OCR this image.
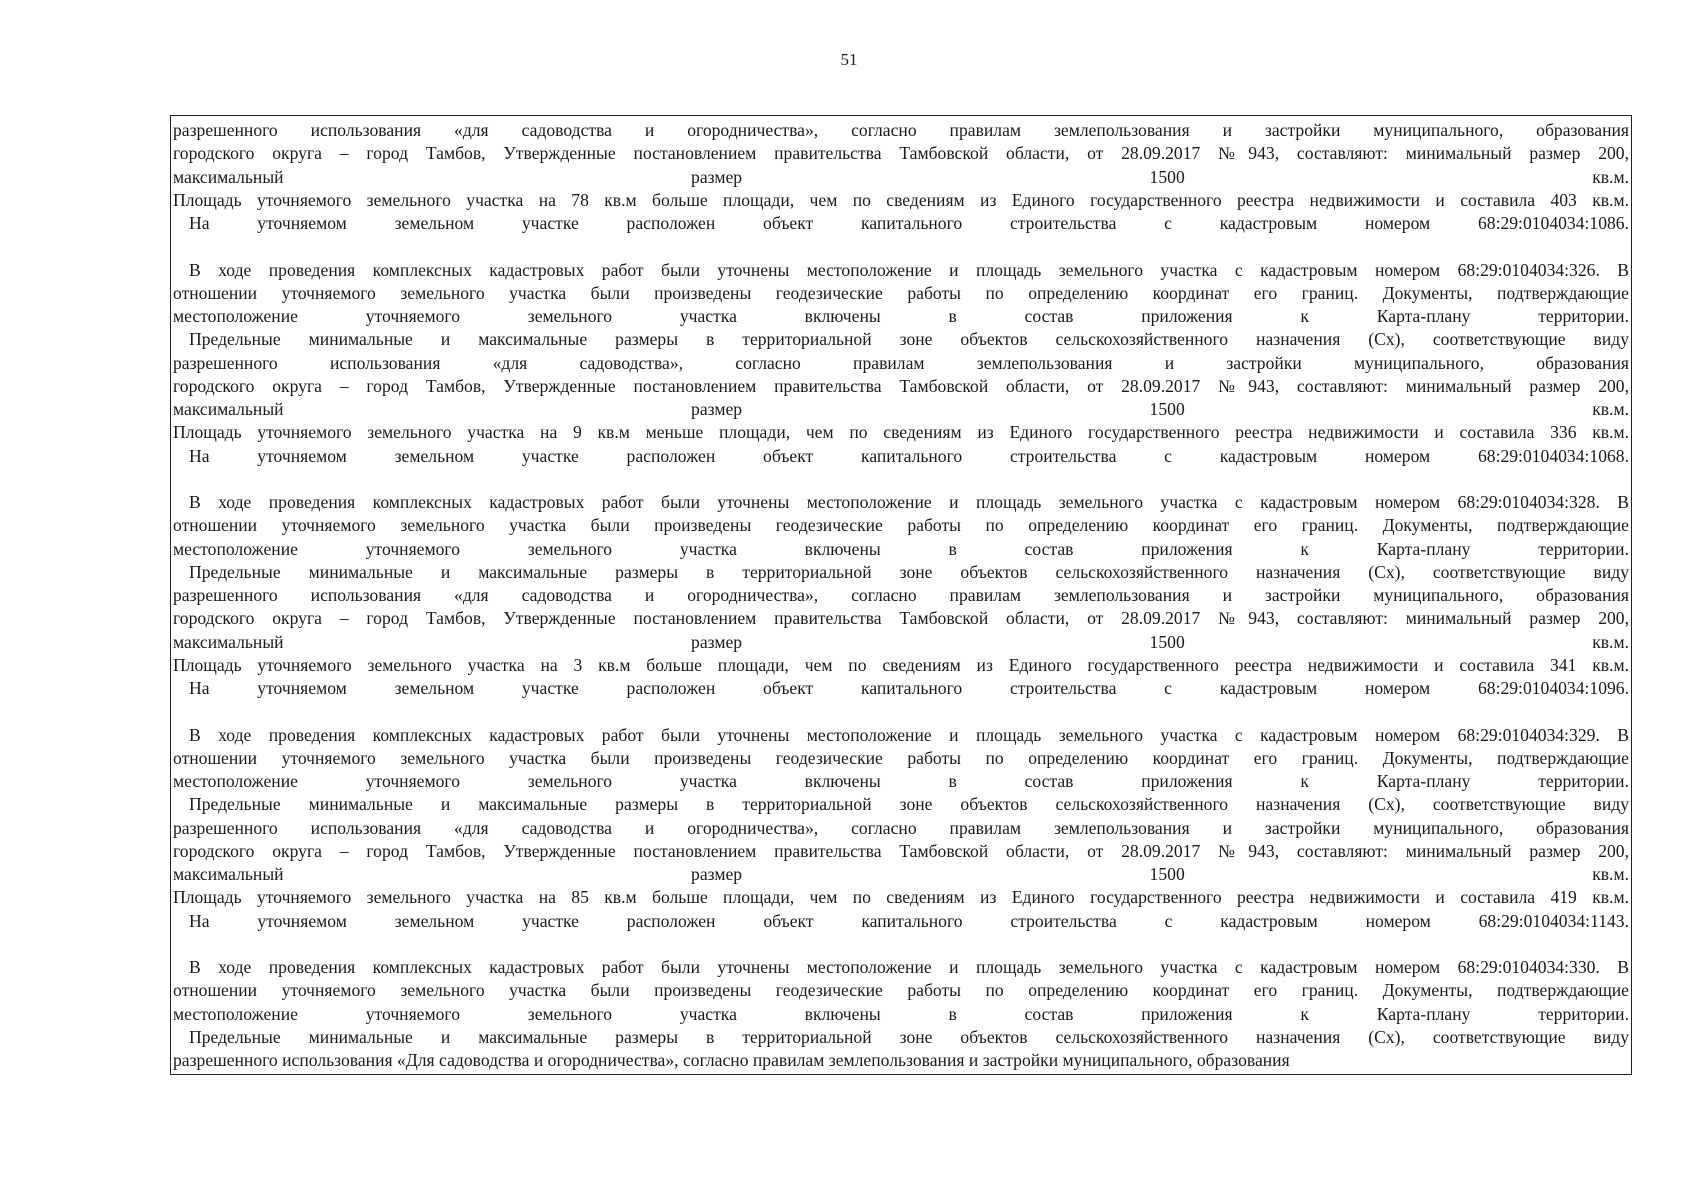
51
разрешенного использования «для садоводства и огородничества», согласно правилам землепользования и застройки муниципального, образования
городского округа – город Тамбов, Утвержденные постановлением правительства Тамбовской области, от 28.09.2017 №943, составляют: минимальный размер 200,
максимальный размер 1500 кв.м.
Площадь уточняемого земельного участка на 78 кв.м больше площади, чем по сведениям из Единого государственного реестра недвижимости и составила 403 кв.м.
На уточняемом земельном участке расположен объект капитального строительства с кадастровым номером 68:29:0104034:1086.
В ходе проведения комплексных кадастровых работ были уточнены местоположение и площадь земельного участка с кадастровым номером 68:29:0104034:326. В
отношении уточняемого земельного участка были произведены геодезические работы по определению координат его границ. Документы, подтверждающие
местоположение уточняемого земельного участка включены в состав приложения к Карта-плану территории.
Предельные минимальные и максимальные размеры в территориальной зоне объектов сельскохозяйственного назначения (Сх), соответствующие виду
разрешенного использования «для садоводства», согласно правилам землепользования и застройки муниципального, образования
городского округа – город Тамбов, Утвержденные постановлением правительства Тамбовской области, от 28.09.2017 №943, составляют: минимальный размер 200,
максимальный размер 1500 кв.м.
Площадь уточняемого земельного участка на 9 кв.м меньше площади, чем по сведениям из Единого государственного реестра недвижимости и составила 336 кв.м.
На уточняемом земельном участке расположен объект капитального строительства с кадастровым номером 68:29:0104034:1068.
В ходе проведения комплексных кадастровых работ были уточнены местоположение и площадь земельного участка с кадастровым номером 68:29:0104034:328. В
отношении уточняемого земельного участка были произведены геодезические работы по определению координат его границ. Документы, подтверждающие
местоположение уточняемого земельного участка включены в состав приложения к Карта-плану территории.
Предельные минимальные и максимальные размеры в территориальной зоне объектов сельскохозяйственного назначения (Сх), соответствующие виду
разрешенного использования «для садоводства и огородничества», согласно правилам землепользования и застройки муниципального, образования
городского округа – город Тамбов, Утвержденные постановлением правительства Тамбовской области, от 28.09.2017 №943, составляют: минимальный размер 200,
максимальный размер 1500 кв.м.
Площадь уточняемого земельного участка на 3 кв.м больше площади, чем по сведениям из Единого государственного реестра недвижимости и составила 341 кв.м.
На уточняемом земельном участке расположен объект капитального строительства с кадастровым номером 68:29:0104034:1096.
В ходе проведения комплексных кадастровых работ были уточнены местоположение и площадь земельного участка с кадастровым номером 68:29:0104034:329. В
отношении уточняемого земельного участка были произведены геодезические работы по определению координат его границ. Документы, подтверждающие
местоположение уточняемого земельного участка включены в состав приложения к Карта-плану территории.
Предельные минимальные и максимальные размеры в территориальной зоне объектов сельскохозяйственного назначения (Сх), соответствующие виду
разрешенного использования «для садоводства и огородничества», согласно правилам землепользования и застройки муниципального, образования
городского округа – город Тамбов, Утвержденные постановлением правительства Тамбовской области, от 28.09.2017 №943, составляют: минимальный размер 200,
максимальный размер 1500 кв.м.
Площадь уточняемого земельного участка на 85 кв.м больше площади, чем по сведениям из Единого государственного реестра недвижимости и составила 419 кв.м.
На уточняемом земельном участке расположен объект капитального строительства с кадастровым номером 68:29:0104034:1143.
В ходе проведения комплексных кадастровых работ были уточнены местоположение и площадь земельного участка с кадастровым номером 68:29:0104034:330. В
отношении уточняемого земельного участка были произведены геодезические работы по определению координат его границ. Документы, подтверждающие
местоположение уточняемого земельного участка включены в состав приложения к Карта-плану территории.
Предельные минимальные и максимальные размеры в территориальной зоне объектов сельскохозяйственного назначения (Сх), соответствующие виду
разрешенного использования «Для садоводства и огородничества», согласно правилам землепользования и застройки муниципального, образования
